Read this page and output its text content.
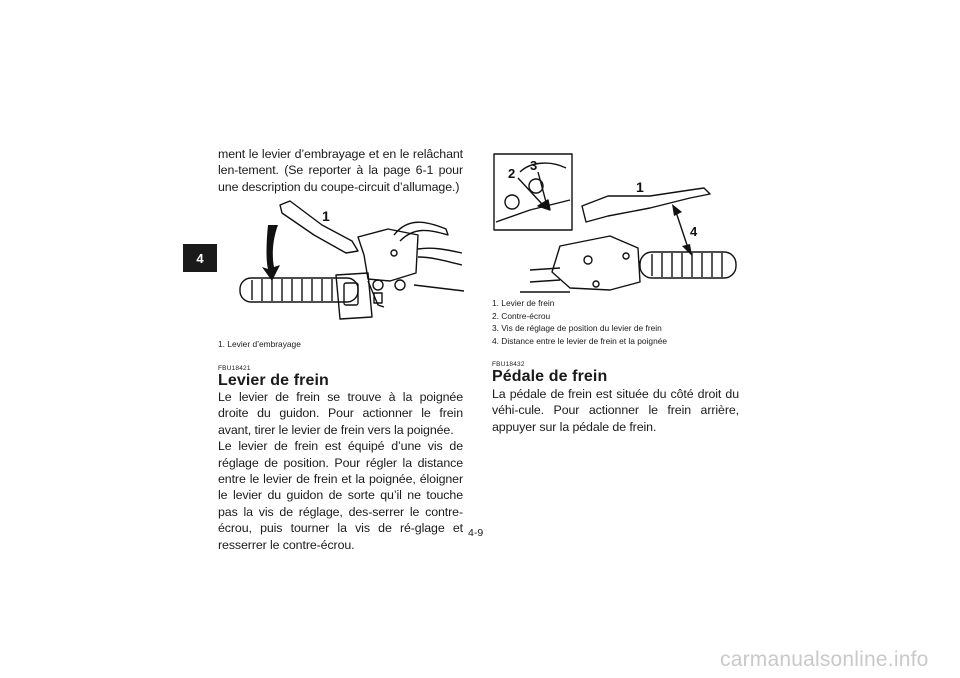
4

ment le levier d’embrayage et en le relâchant len-tement. (Se reporter à la page 6-1 pour une description du coupe-circuit d’allumage.)

1
1. Levier d’embrayage
FBU18421
Levier de frein

Le levier de frein se trouve à la poignée droite du guidon. Pour actionner le frein avant, tirer le levier de frein vers la poignée.

Le levier de frein est équipé d’une vis de réglage de position. Pour régler la distance entre le levier de frein et la poignée, éloigner le levier du guidon de sorte qu’il ne touche pas la vis de réglage, des-serrer le contre-écrou, puis tourner la vis de ré-glage et resserrer le contre-écrou.

1
2
3
4
1. Levier de frein
2. Contre-écrou
3. Vis de réglage de position du levier de frein
4. Distance entre le levier de frein et la poignée
FBU18432
Pédale de frein

La pédale de frein est située du côté droit du véhi-cule. Pour actionner le frein arrière, appuyer sur la pédale de frein.

4-9
carmanualsonline.info
